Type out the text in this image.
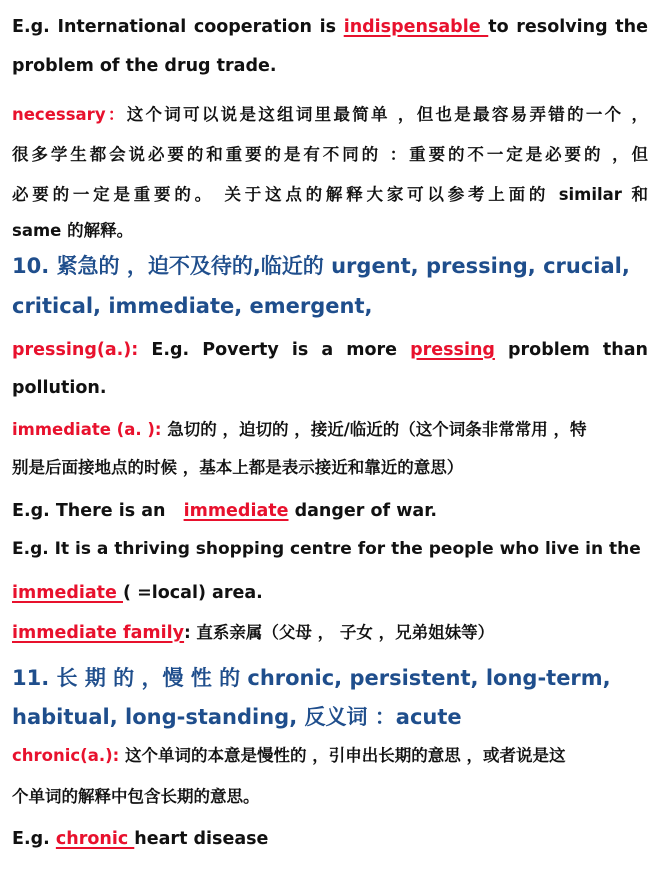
E.g. International cooperation is indispensable to resolving the
problem of the drug trade.
necessary：这个词可以说是这组词里最简单 ，但也是最容易弄错的一个 ，
很多学生都会说必要的和重要的是有不同的 ：重要的不一定是必要的 ，但
必要的一定是重要的。 关于这点的解释大家可以参考上面的 similar 和
same 的解释。
10. 紧急的 ，迫不及待的,临近的 urgent, pressing, crucial,
critical, immediate, emergent,
pressing(a.): E.g. Poverty is a more pressing problem than
pollution.
immediate (a. ): 急切的 ，迫切的 ，接近/临近的（这个词条非常常用 ，特
别是后面接地点的时候 ，基本上都是表示接近和靠近的意思）
E.g. There is an immediate danger of war.
E.g. It is a thriving shopping centre for the people who live in the
immediate ( =local) area.
immediate family: 直系亲属（父母 ， 子女 ，兄弟姐妹等）
11. 长 期 的 ，慢 性 的 chronic, persistent, long-term,
habitual, long-standing, 反义词 ：acute
chronic(a.): 这个单词的本意是慢性的 ，引申出长期的意思 ，或者说是这
个单词的解释中包含长期的意思。
E.g. chronic heart disease
